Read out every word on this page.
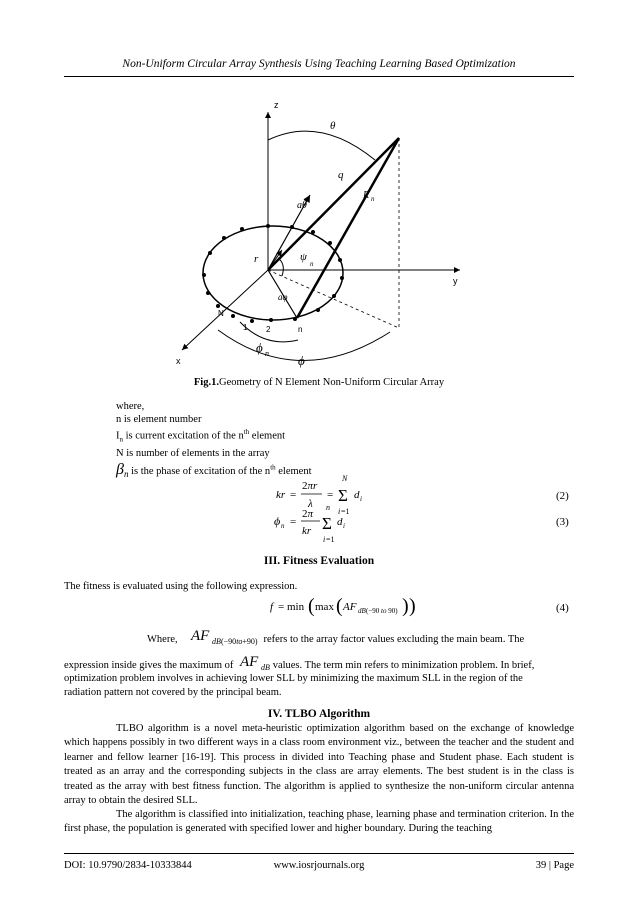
Non-Uniform Circular Array Synthesis Using Teaching Learning Based Optimization
z
θ
q
aθ
R n
r	ψ
n
aφ
y
N
1 2	n
x
ϕ n ϕ
Fig.1.Geometry of N Element Non-Uniform Circular Array
where,
n is element number
$I_n$ is current excitation of the $n^{th}$ element
N is number of elements in the array
$\beta_n$ is the phase of excitation of the $n^{th}$ element
kr =
2πr
λ
= Σ
N
i =1
d i	(2)
ϕ n =
2π
kr Σ
n
i =1
d i	(3)
III. Fitness Evaluation
The fitness is evaluated using the following expression.
f = min ( max ( AF dB (−90 to 90) ) )	(4)
Where, AF dB (−90to+90) refers to the array factor values excluding the main beam. The
expression inside gives the maximum of AF dB values. The term min refers to minimization problem. In brief,
optimization problem involves in achieving lower SLL by minimizing the maximum SLL in the region of the
radiation pattern not covered by the principal beam.
IV. TLBO Algorithm
TLBO algorithm is a novel meta-heuristic optimization algorithm based on the exchange of knowledge which happens possibly in two different ways in a class room environment viz., between the teacher and the student and learner and fellow learner [16-19]. This process in divided into Teaching phase and Student phase. Each student is treated as an array and the corresponding subjects in the class are array elements. The best student is in the class is treated as the array with best fitness function. The algorithm is applied to synthesize the non-uniform circular antenna array to obtain the desired SLL.
The algorithm is classified into initialization, teaching phase, learning phase and termination criterion. In the first phase, the population is generated with specified lower and higher boundary. During the teaching
DOI: 10.9790/2834-10333844	www.iosrjournals.org	39 | Page
